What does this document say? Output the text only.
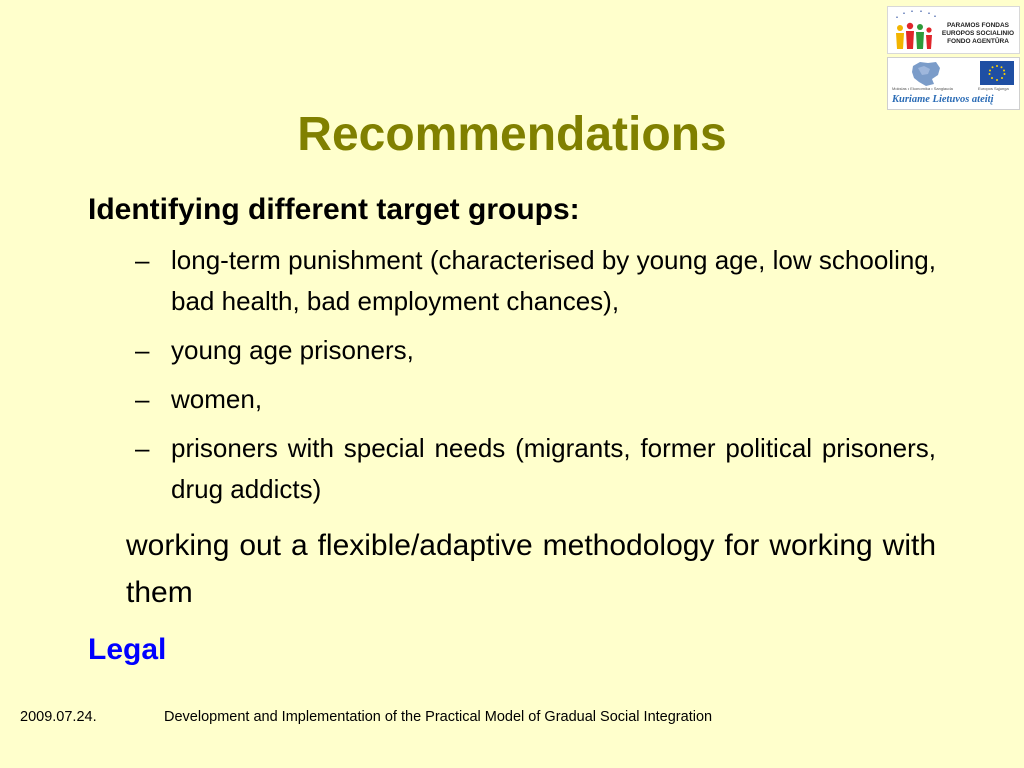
PARAMOS FONDAS
EUROPOS SOCIALINIO
FONDO AGENTŪRA
Mokslas • Ekonomika • Sanglauda	Europos Sąjunga
Kuriame Lietuvos ateitį
Recommendations
Identifying different target groups:
– long-term punishment (characterised by young age, low schooling, bad health, bad employment chances),
– young age prisoners,
– women,
– prisoners with special needs (migrants, former political prisoners, drug addicts)
working out a flexible/adaptive methodology for working with them
Legal
2009.07.24.	Development and Implementation of the Practical Model of Gradual Social Integration
